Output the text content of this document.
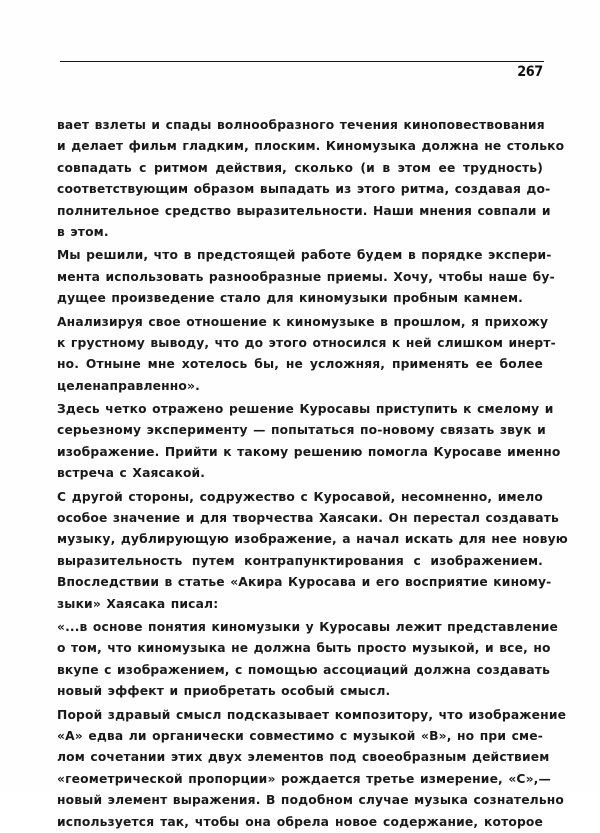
267

вает взлеты и спады волнообразного течения киноповествования
и делает фильм гладким, плоским. Киномузыка должна не столько
совпадать с ритмом действия, сколько (и в этом ее трудность)
соответствующим образом выпадать из этого ритма, создавая до-
полнительное средство выразительности. Наши мнения совпали и
в этом.

Мы решили, что в предстоящей работе будем в порядке экспери-
мента использовать разнообразные приемы. Хочу, чтобы наше бу-
дущее произведение стало для киномузыки пробным камнем.

Анализируя свое отношение к киномузыке в прошлом, я прихожу
к грустному выводу, что до этого относился к ней слишком инерт-
но. Отныне мне хотелось бы, не усложняя, применять ее более
целенаправленно».

Здесь четко отражено решение Куросавы приступить к смелому и
серьезному эксперименту — попытаться по-новому связать звук и
изображение. Прийти к такому решению помогла Куросаве именно
встреча с Хаясакой.

С другой стороны, содружество с Куросавой, несомненно, имело
особое значение и для творчества Хаясаки. Он перестал создавать
музыку, дублирующую изображение, а начал искать для нее новую
выразительность путем контрапунктирования с изображением.
Впоследствии в статье «Акира Куросава и его восприятие киному-
зыки» Хаясака писал:

«...в основе понятия киномузыки у Куросавы лежит представление
о том, что киномузыка не должна быть просто музыкой, и все, но
вкупе с изображением, с помощью ассоциаций должна создавать
новый эффект и приобретать особый смысл.

Порой здравый смысл подсказывает композитору, что изображение
«А» едва ли органически совместимо с музыкой «В», но при сме-
лом сочетании этих двух элементов под своеобразным действием
«геометрической пропорции» рождается третье измерение, «С»,—
новый элемент выражения. В подобном случае музыка сознательно
используется так, чтобы она обрела новое содержание, которое
